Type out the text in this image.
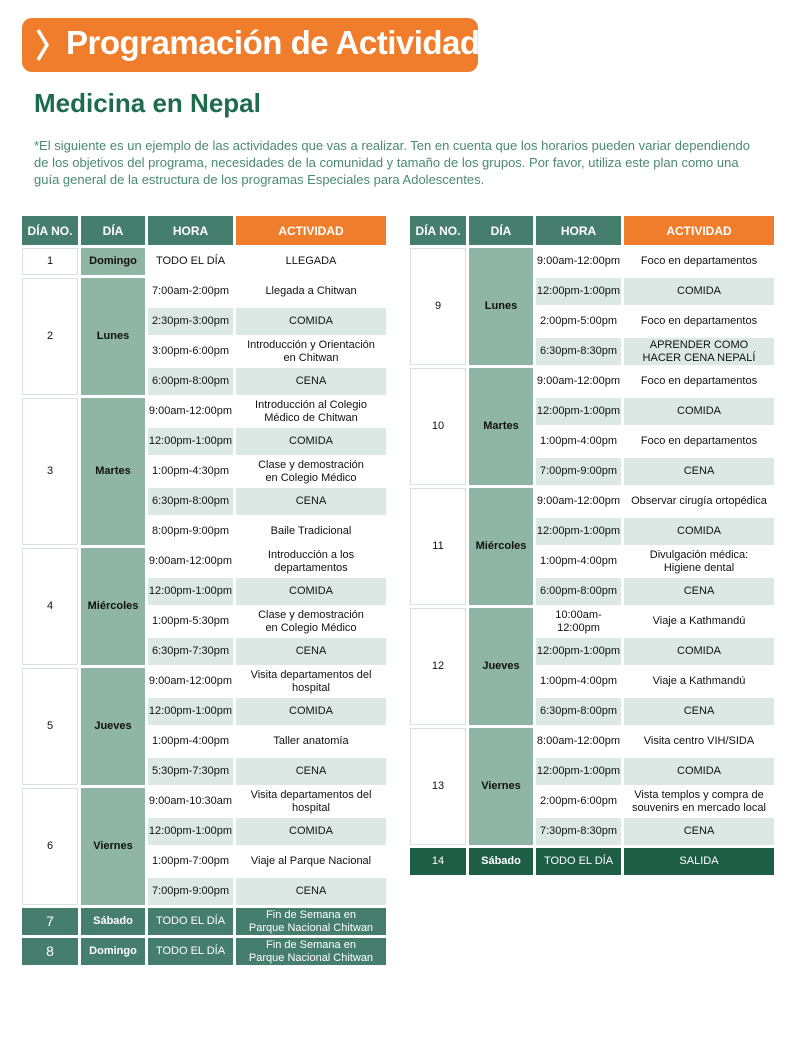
Programación de Actividades
Medicina en Nepal
*El siguiente es un ejemplo de las actividades que vas a realizar. Ten en cuenta que los horarios pueden variar dependiendo de los objetivos del programa, necesidades de la comunidad y tamaño de los grupos. Por favor, utiliza este plan como una guía general de la estructura de los programas Especiales para Adolescentes.
DÍA NO.	DÍA	HORA	ACTIVIDAD
1	Domingo	TODO EL DÍA	LLEGADA
2	Lunes	7:00am-2:00pm	Llegada a Chitwan
		2:30pm-3:00pm	COMIDA
		3:00pm-6:00pm	Introducción y Orientación
en Chitwan
		6:00pm-8:00pm	CENA
3	Martes	9:00am-12:00pm	Introducción al Colegio
Médico de Chitwan
		12:00pm-1:00pm	COMIDA
		1:00pm-4:30pm	Clase y demostración
en Colegio Médico
		6:30pm-8:00pm	CENA
		8:00pm-9:00pm	Baile Tradicional
4	Miércoles	9:00am-12:00pm	Introducción a los departamentos
		12:00pm-1:00pm	COMIDA
		1:00pm-5:30pm	Clase y demostración
en Colegio Médico
		6:30pm-7:30pm	CENA
5	Jueves	9:00am-12:00pm	Visita departamentos del hospital
		12:00pm-1:00pm	COMIDA
		1:00pm-4:00pm	Taller anatomía
		5:30pm-7:30pm	CENA
6	Viernes	9:00am-10:30am	Visita departamentos del hospital
		12:00pm-1:00pm	COMIDA
		1:00pm-7:00pm	Viaje al Parque Nacional
		7:00pm-9:00pm	CENA
7	Sábado	TODO EL DÍA	Fin de Semana en
Parque Nacional Chitwan
8	Domingo	TODO EL DÍA	Fin de Semana en
Parque Nacional Chitwan
DÍA NO.	DÍA	HORA	ACTIVIDAD
9	Lunes	9:00am-12:00pm	Foco en departamentos
		12:00pm-1:00pm	COMIDA
		2:00pm-5:00pm	Foco en departamentos
		6:30pm-8:30pm	APRENDER COMO
HACER CENA NEPALÍ
10	Martes	9:00am-12:00pm	Foco en departamentos
		12:00pm-1:00pm	COMIDA
		1:00pm-4:00pm	Foco en departamentos
		7:00pm-9:00pm	CENA
11	Miércoles	9:00am-12:00pm	Observar cirugía ortopédica
		12:00pm-1:00pm	COMIDA
		1:00pm-4:00pm	Divulgación médica:
Higiene dental
		6:00pm-8:00pm	CENA
12	Jueves	10:00am-12:00pm	Viaje a Kathmandú
		12:00pm-1:00pm	COMIDA
		1:00pm-4:00pm	Viaje a Kathmandú
		6:30pm-8:00pm	CENA
13	Viernes	8:00am-12:00pm	Visita centro VIH/SIDA
		12:00pm-1:00pm	COMIDA
		2:00pm-6:00pm	Vista templos y compra de
souvenirs en mercado local
		7:30pm-8:30pm	CENA
14	Sábado	TODO EL DÍA	SALIDA
